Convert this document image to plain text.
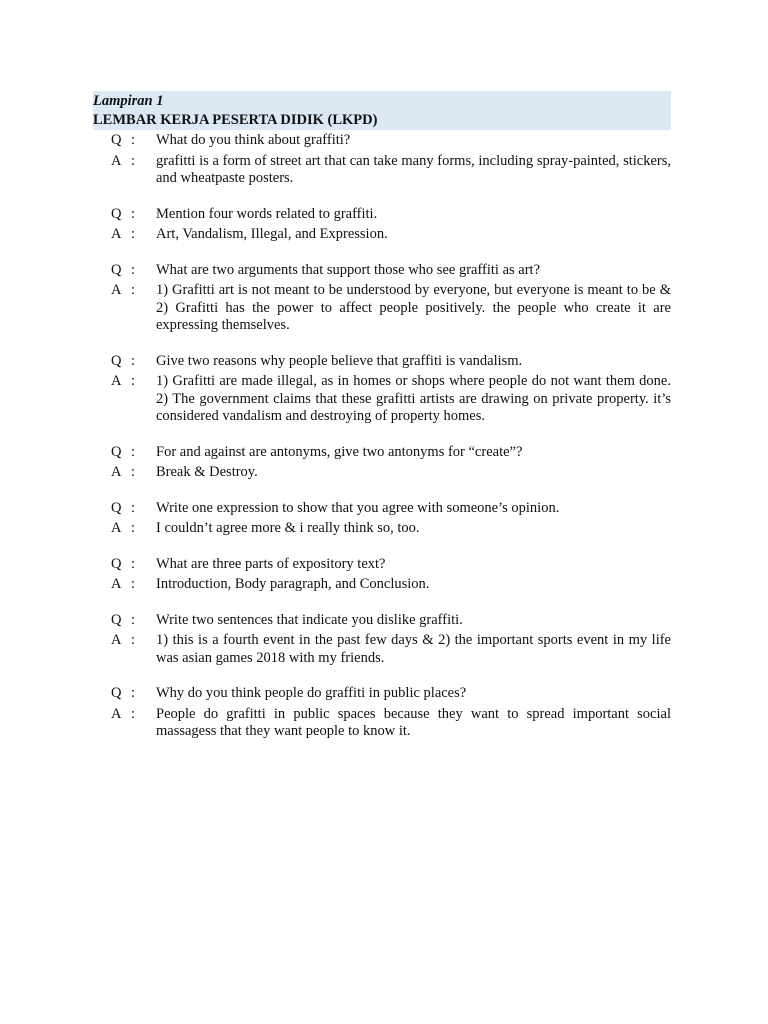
Lampiran 1
LEMBAR KERJA PESERTA DIDIK (LKPD)
Q :	What do you think about graffiti?
A :	grafitti is a form of street art that can take many forms, including spray-painted, stickers, and wheatpaste posters.
Q :	Mention four words related to graffiti.
A :	Art, Vandalism, Illegal, and Expression.
Q :	What are two arguments that support those who see graffiti as art?
A :	1) Grafitti art is not meant to be understood by everyone, but everyone is meant to be & 2) Grafitti has the power to affect people positively. the people who create it are expressing themselves.
Q :	Give two reasons why people believe that graffiti is vandalism.
A :	1) Grafitti are made illegal, as in homes or shops where people do not want them done. 2) The government claims that these grafitti artists are drawing on private property. it’s considered vandalism and destroying of property homes.
Q :	For and against are antonyms, give two antonyms for “create”?
A :	Break & Destroy.
Q :	Write one expression to show that you agree with someone’s opinion.
A :	I couldn’t agree more & i really think so, too.
Q :	What are three parts of expository text?
A :	Introduction, Body paragraph, and Conclusion.
Q :	Write two sentences that indicate you dislike graffiti.
A :	1) this is a fourth event in the past few days & 2) the important sports event in my life was asian games 2018 with my friends.
Q :	Why do you think people do graffiti in public places?
A :	People do grafitti in public spaces because they want to spread important social massagess that they want people to know it.
